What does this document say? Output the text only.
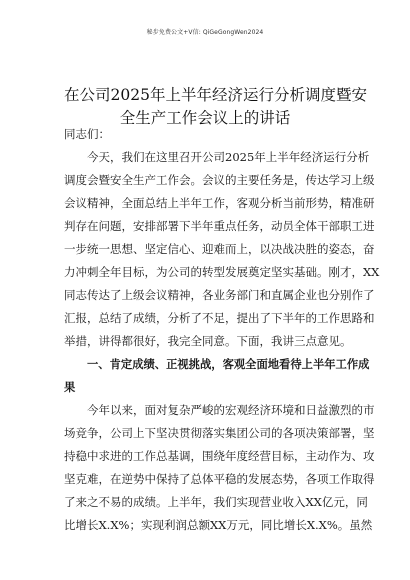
秘步免费公文+V信: QiGeGongWen2024
在公司2025年上半年经济运行分析调度暨安
全生产工作会议上的讲话
同志们：
今天，我们在这里召开公司2025年上半年经济运行分析
调度会暨安全生产工作会。会议的主要任务是，传达学习上级
会议精神，全面总结上半年工作，客观分析当前形势，精准研
判存在问题，安排部署下半年重点任务，动员全体干部职工进
一步统一思想、坚定信心、迎难而上，以决战决胜的姿态，奋
力冲刺全年目标，为公司的转型发展奠定坚实基础。刚才，XX
同志传达了上级会议精神，各业务部门和直属企业也分别作了
汇报，总结了成绩，分析了不足，提出了下半年的工作思路和
举措，讲得都很好，我完全同意。下面，我讲三点意见。
一、肯定成绩、正视挑战，客观全面地看待上半年工作成
果
今年以来，面对复杂严峻的宏观经济环境和日益激烈的市
场竞争，公司上下坚决贯彻落实集团公司的各项决策部署，坚
持稳中求进的工作总基调，围绕年度经营目标，主动作为、攻
坚克难，在逆势中保持了总体平稳的发展态势，各项工作取得
了来之不易的成绩。上半年，我们实现营业收入XX亿元，同
比增长X.X%；实现利润总额XX万元，同比增长X.X%。虽然
